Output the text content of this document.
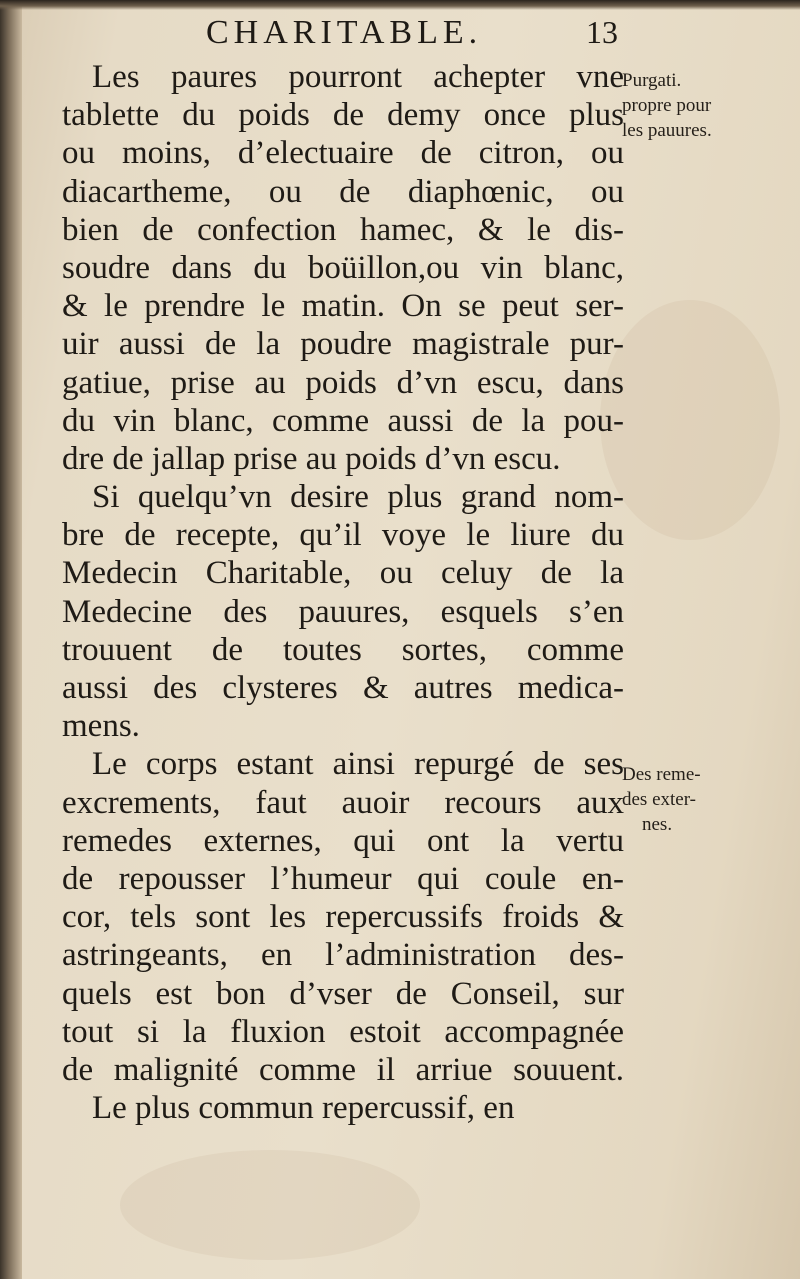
CHARITABLE.	13
Les paures pourront achepter vne
tablette du poids de demy once plus
ou moins, d’electuaire de citron, ou
diacartheme, ou de diaphœnic, ou
bien de confection hamec, & le dis-
soudre dans du boüillon,ou vin blanc,
& le prendre le matin. On se peut ser-
uir aussi de la poudre magistrale pur-
gatiue, prise au poids d’vn escu, dans
du vin blanc, comme aussi de la pou-
dre de jallap prise au poids d’vn escu.
Si quelqu’vn desire plus grand nom-
bre de recepte, qu’il voye le liure du
Medecin Charitable, ou celuy de la
Medecine des pauures, esquels s’en
trouuent de toutes sortes, comme
aussi des clysteres & autres medica-
mens.
Le corps estant ainsi repurgé de ses
excrements, faut auoir recours aux
remedes externes, qui ont la vertu
de repousser l’humeur qui coule en-
cor, tels sont les repercussifs froids &
astringeants, en l’administration des-
quels est bon d’vser de Conseil, sur
tout si la fluxion estoit accompagnée
de malignité comme il arriue souuent.
Le plus commun repercussif, en
Purgati.
propre pour
les pauures.
Des reme-
des exter-
nes.
